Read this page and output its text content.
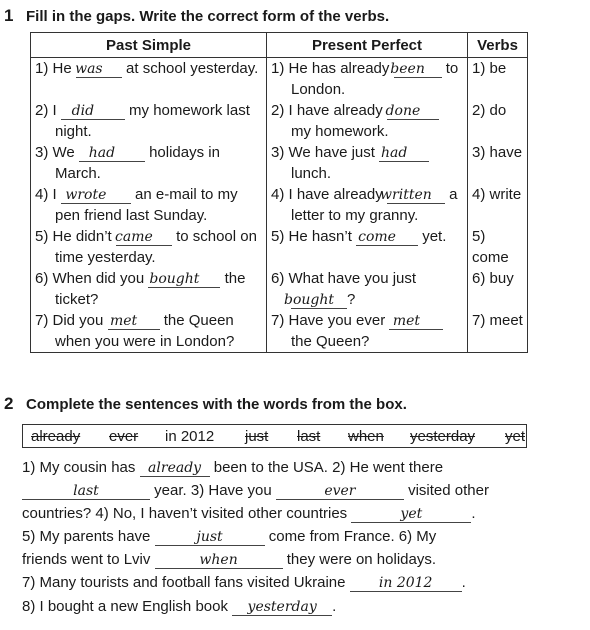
1 Fill in the gaps. Write the correct form of the verbs.
Past Simple	Present Perfect	Verbs

1) He was at school yesterday.	1) He has already been to London.	1) be

2) I did my homework last night.	2) I have already done my homework.	2) do

3) We had holidays in March.	3) We have just had lunch.	3) have

4) I wrote an e-mail to my pen friend last Sunday.	4) I have already written a letter to my granny.	4) write

5) He didn’t came to school on time yesterday.	5) He hasn’t come yet.	5) come

6) When did you bought the ticket?	6) What have you just bought ?	6) buy

7) Did you met the Queen when you were in London?	7) Have you ever met the Queen?	7) meet
2 Complete the sentences with the words from the box.
already ever in 2012 just last when yesterday yet
1) My cousin has already been to the USA. 2) He went there
last	year. 3) Have you	ever	visited other
countries? 4) No, I haven’t visited other countries	yet	.
5) My parents have	just	come from France. 6) My
friends went to Lviv	when	they were on holidays.
7) Many tourists and football fans visited Ukraine in 2012 .
8) I bought a new English book yesterday .
